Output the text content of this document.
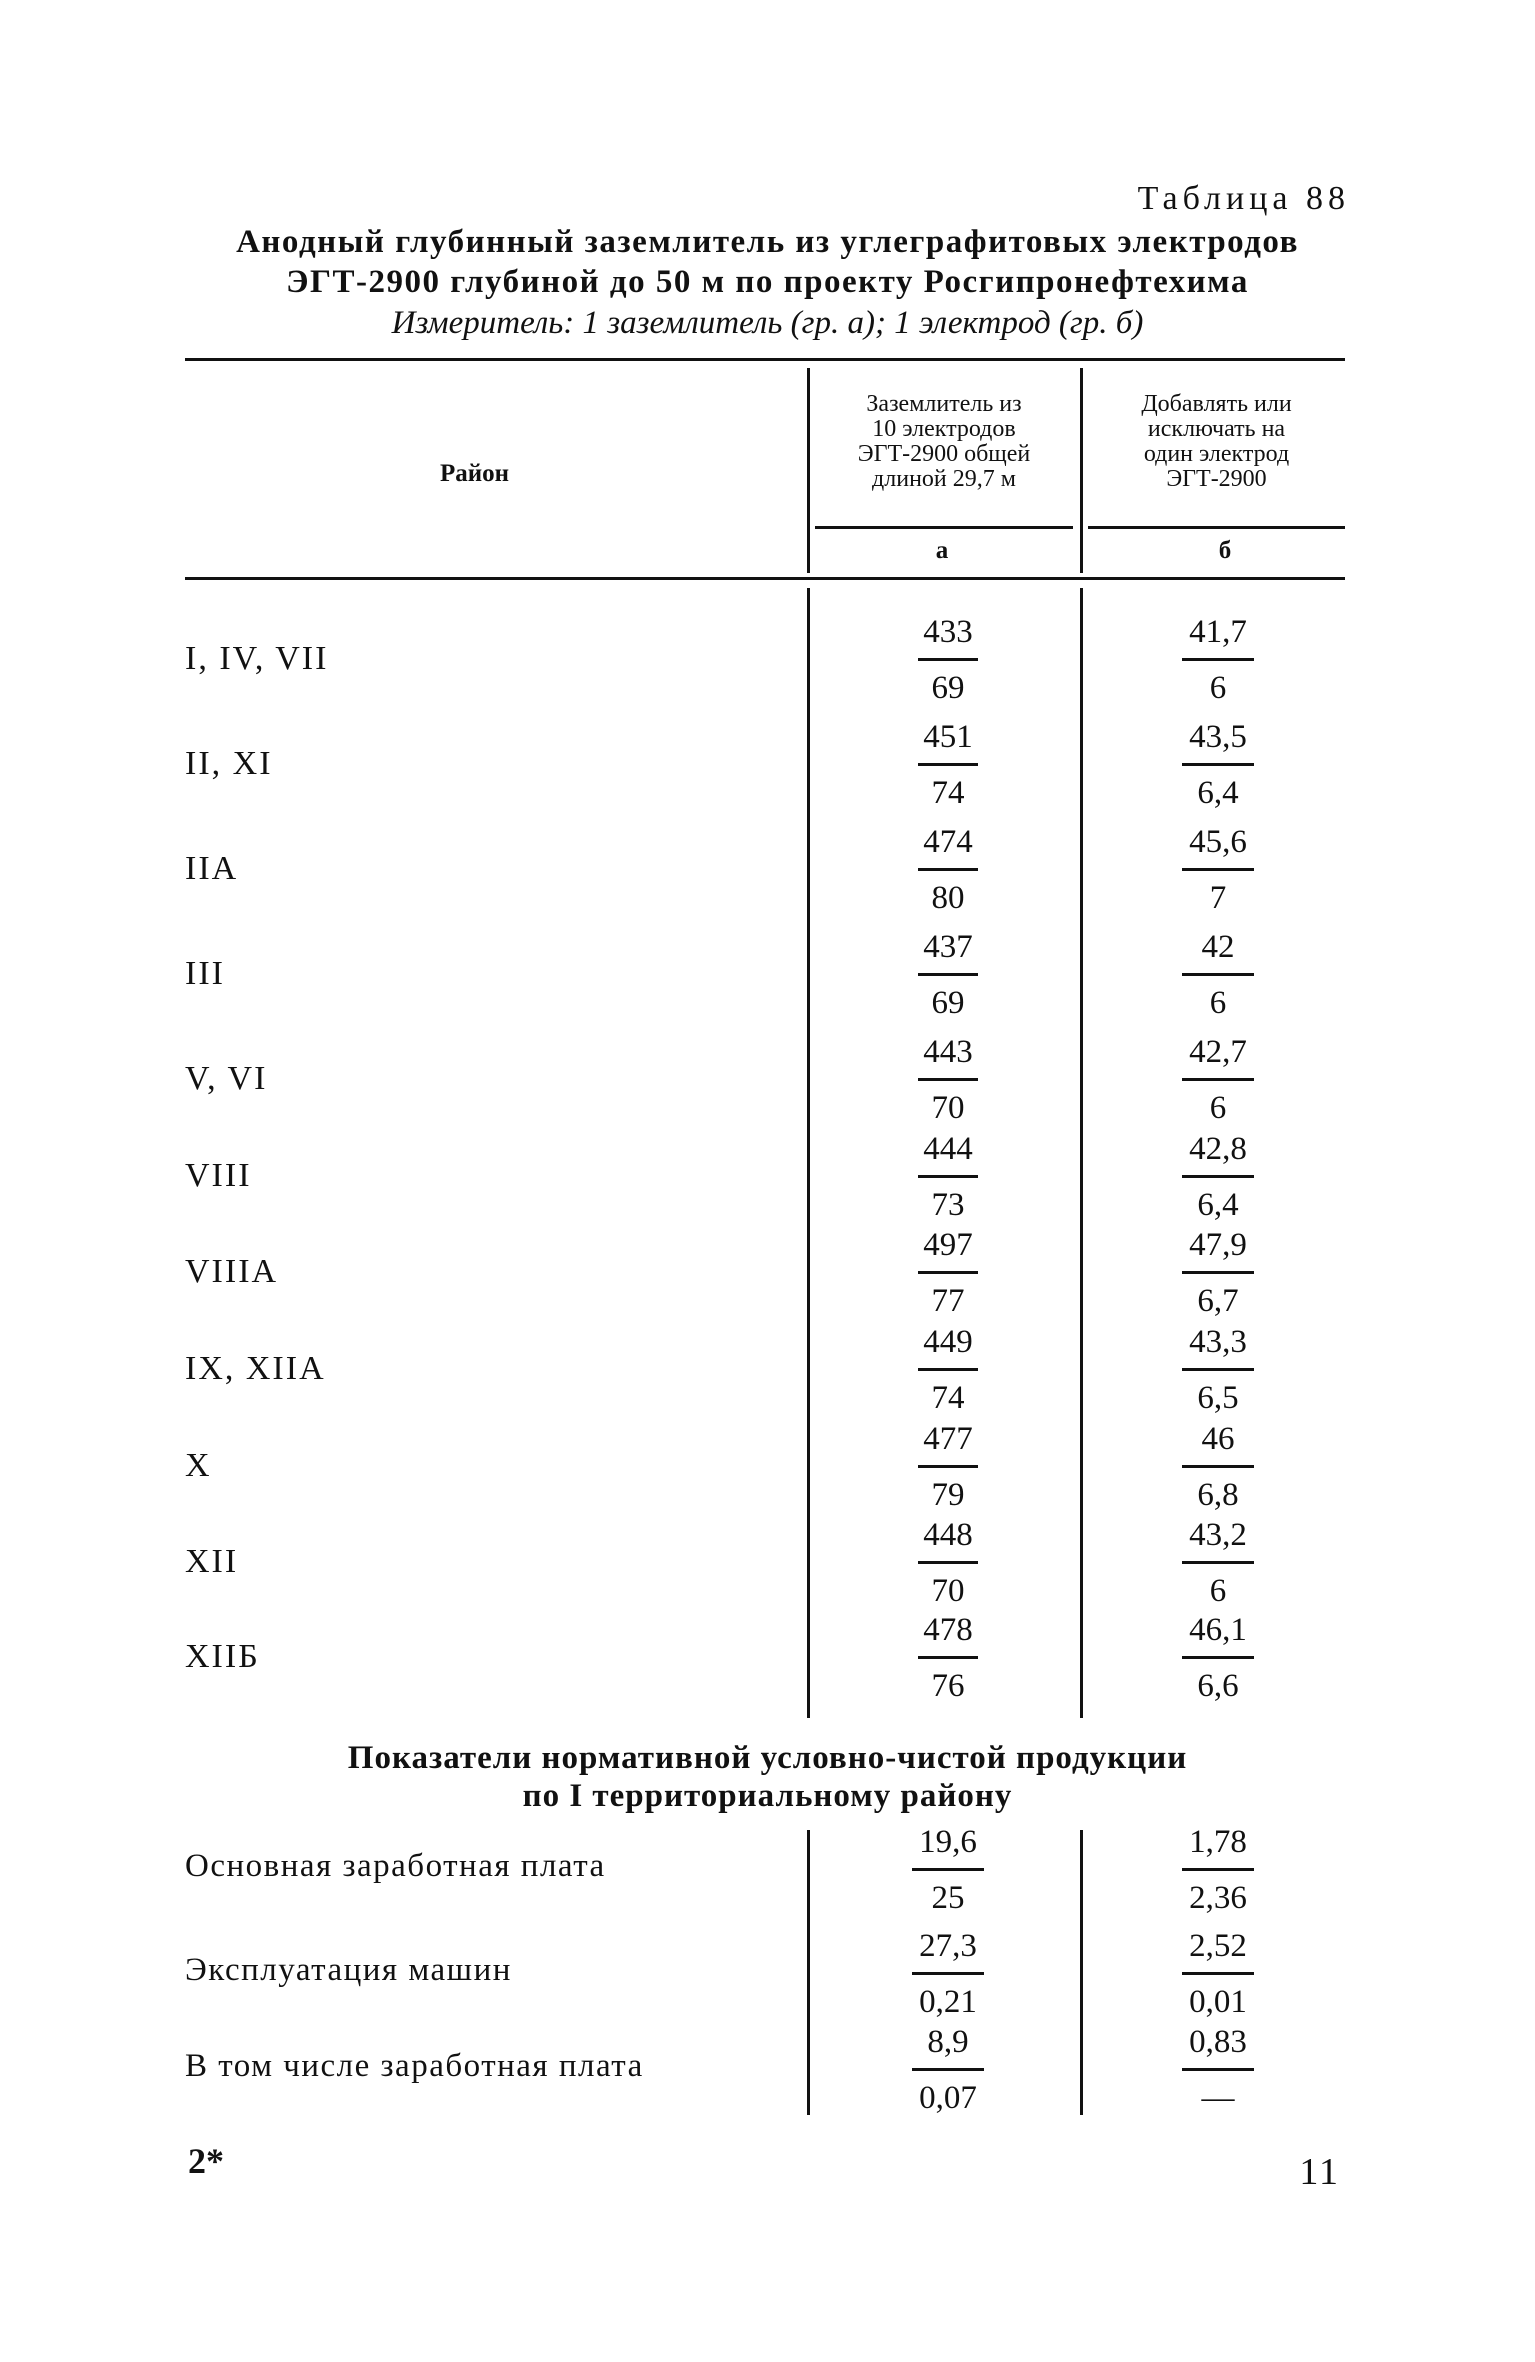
Таблица 88
Анодный глубинный заземлитель из углеграфитовых электродов
ЭГТ-2900 глубиной до 50 м по проекту Росгипронефтехима
Измеритель: 1 заземлитель (гр. а); 1 электрод (гр. б)
Район
Заземлитель из
10 электродов
ЭГТ-2900 общей
длиной 29,7 м
Добавлять или
исключать на
один электрод
ЭГТ-2900
а	б
I, IV, VII
433
69
41,7
6
II, XI
451
74
43,5
6,4
IIA
474
80
45,6
7
III
437
69
42
6
V, VI
443
70
42,7
6
VIII
444
73
42,8
6,4
VIIIA
497
77
47,9
6,7
IX, XIIA
449
74
43,3
6,5
X
477
79
46
6,8
XII
448
70
43,2
6
XIIБ
478
76
46,1
6,6
Показатели нормативной условно-чистой продукции
по I территориальному району
Основная заработная плата
19,6
25
1,78
2,36
Эксплуатация машин
27,3
0,21
2,52
0,01
В том числе заработная плата
8,9
0,07
0,83
—
2*	11
